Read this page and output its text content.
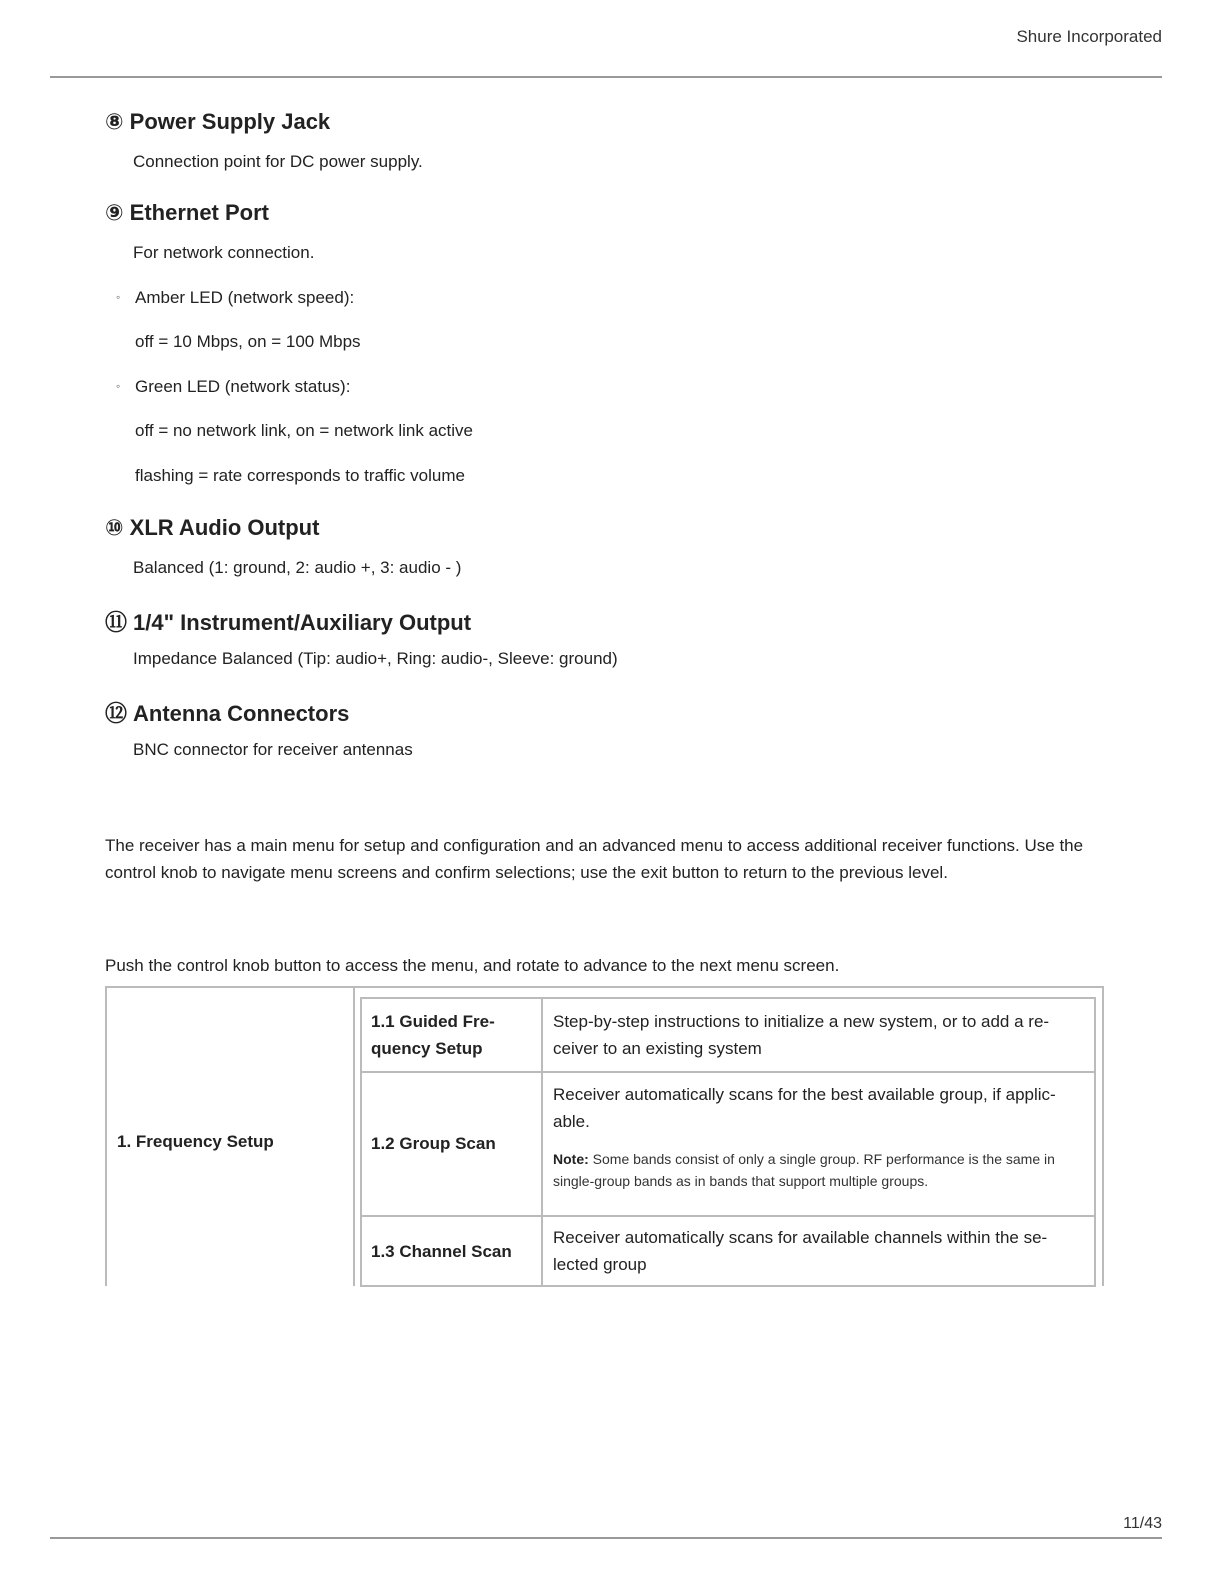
Shure Incorporated
⑧ Power Supply Jack

Connection point for DC power supply.

⑨ Ethernet Port

For network connection.

◦ Amber LED (network speed):

off = 10 Mbps, on = 100 Mbps

◦ Green LED (network status):

off = no network link, on = network link active

flashing = rate corresponds to traffic volume

⑩ XLR Audio Output

Balanced (1: ground, 2: audio +, 3: audio - )

⑪ 1/4" Instrument/Auxiliary Output

Impedance Balanced (Tip: audio+, Ring: audio-, Sleeve: ground)

⑫ Antenna Connectors

BNC connector for receiver antennas

The receiver has a main menu for setup and configuration and an advanced menu to access additional receiver functions. Use the control knob to navigate menu screens and confirm selections; use the exit button to return to the previous level.

Push the control knob button to access the menu, and rotate to advance to the next menu screen.

1. Frequency Setup

1.1 Guided Fre-

quency Setup

Step-by-step instructions to initialize a new system, or to add a re-

ceiver to an existing system

1.2 Group Scan

Receiver automatically scans for the best available group, if applic-

able.

Note: Some bands consist of only a single group. RF performance is the same in single-group bands as in bands that support multiple groups.

1.3 Channel Scan

Receiver automatically scans for available channels within the se-

lected group

11/43
